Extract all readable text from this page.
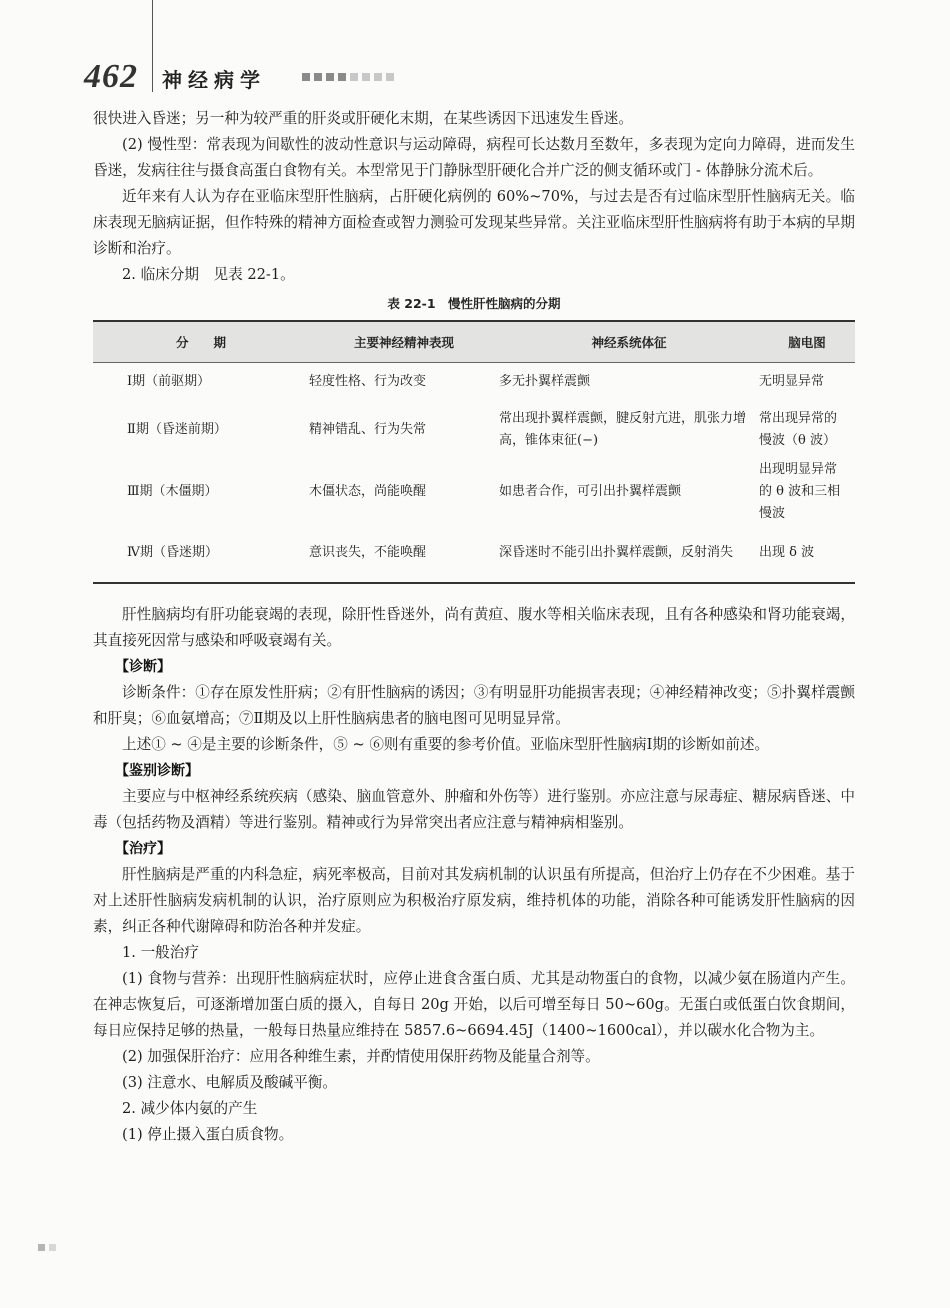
462 神经病学

很快进入昏迷；另一种为较严重的肝炎或肝硬化末期，在某些诱因下迅速发生昏迷。

(2) 慢性型：常表现为间歇性的波动性意识与运动障碍，病程可长达数月至数年，多表现为定向力障碍，进而发生昏迷，发病往往与摄食高蛋白食物有关。本型常见于门静脉型肝硬化合并广泛的侧支循环或门 - 体静脉分流术后。

近年来有人认为存在亚临床型肝性脑病，占肝硬化病例的 60%~70%，与过去是否有过临床型肝性脑病无关。临床表现无脑病证据，但作特殊的精神方面检查或智力测验可发现某些异常。关注亚临床型肝性脑病将有助于本病的早期诊断和治疗。

2. 临床分期　见表 22-1。

表 22-1　慢性肝性脑病的分期
分　　期	主要神经精神表现	神经系统体征	脑电图
Ⅰ期（前驱期）	轻度性格、行为改变	多无扑翼样震颤	无明显异常
Ⅱ期（昏迷前期）	精神错乱、行为失常	常出现扑翼样震颤，腱反射亢进，肌张力增高，锥体束征(−)	常出现异常的慢波（θ 波）
Ⅲ期（木僵期）	木僵状态，尚能唤醒	如患者合作，可引出扑翼样震颤	出现明显异常的 θ 波和三相慢波
Ⅳ期（昏迷期）	意识丧失，不能唤醒	深昏迷时不能引出扑翼样震颤，反射消失	出现 δ 波

肝性脑病均有肝功能衰竭的表现，除肝性昏迷外，尚有黄疸、腹水等相关临床表现，且有各种感染和肾功能衰竭，其直接死因常与感染和呼吸衰竭有关。

【诊断】

诊断条件：①存在原发性肝病；②有肝性脑病的诱因；③有明显肝功能损害表现；④神经精神改变；⑤扑翼样震颤和肝臭；⑥血氨增高；⑦Ⅱ期及以上肝性脑病患者的脑电图可见明显异常。

上述① ~ ④是主要的诊断条件，⑤ ~ ⑥则有重要的参考价值。亚临床型肝性脑病Ⅰ期的诊断如前述。

【鉴别诊断】

主要应与中枢神经系统疾病（感染、脑血管意外、肿瘤和外伤等）进行鉴别。亦应注意与尿毒症、糖尿病昏迷、中毒（包括药物及酒精）等进行鉴别。精神或行为异常突出者应注意与精神病相鉴别。

【治疗】

肝性脑病是严重的内科急症，病死率极高，目前对其发病机制的认识虽有所提高，但治疗上仍存在不少困难。基于对上述肝性脑病发病机制的认识，治疗原则应为积极治疗原发病，维持机体的功能，消除各种可能诱发肝性脑病的因素，纠正各种代谢障碍和防治各种并发症。

1. 一般治疗

(1) 食物与营养：出现肝性脑病症状时，应停止进食含蛋白质、尤其是动物蛋白的食物，以减少氨在肠道内产生。在神志恢复后，可逐渐增加蛋白质的摄入，自每日 20g 开始，以后可增至每日 50~60g。无蛋白或低蛋白饮食期间，每日应保持足够的热量，一般每日热量应维持在 5857.6~6694.45J（1400~1600cal），并以碳水化合物为主。

(2) 加强保肝治疗：应用各种维生素，并酌情使用保肝药物及能量合剂等。

(3) 注意水、电解质及酸碱平衡。

2. 减少体内氨的产生

(1) 停止摄入蛋白质食物。
